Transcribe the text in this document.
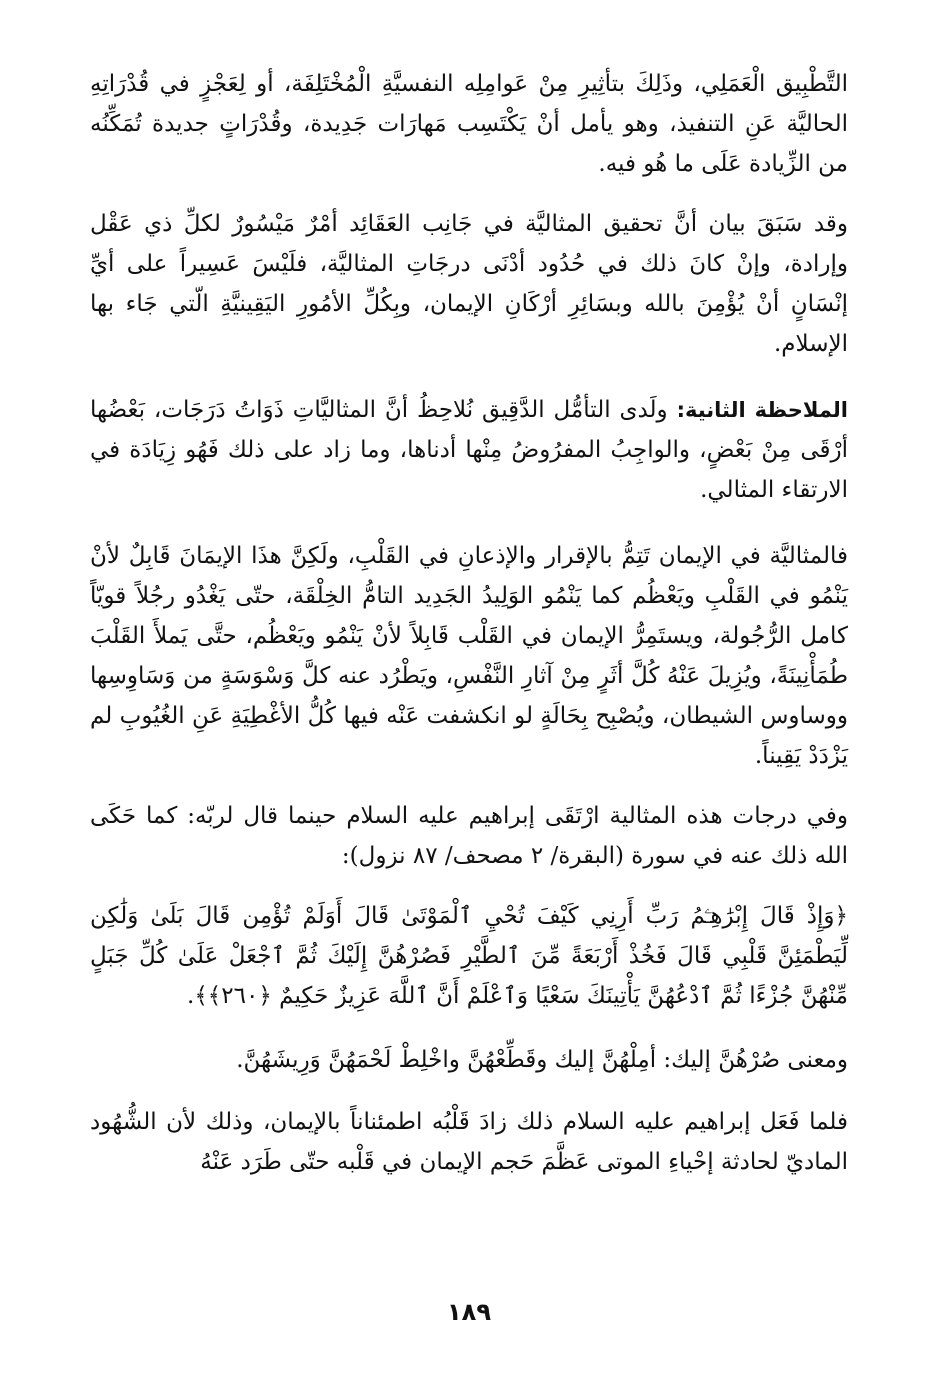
التَّطْبِيق الْعَمَلِي، وذَلِكَ بتأثِيرِ مِنْ عَوامِلِه النفسيَّةِ الْمُخْتَلِفَة، أو لِعَجْزٍ في قُدْرَاتِهِ الحاليَّة عَنِ التنفيذ، وهو يأمل أنْ يَكْتَسِب مَهارَات جَدِيدة، وقُدْرَاتٍ جديدة تُمَكِّنُه من الزِّيادة عَلَى ما هُو فيه.

وقد سَبَقَ بيان أنَّ تحقيق المثاليَّة في جَانِب العَقَائِد أمْرٌ مَيْسُورٌ لكلِّ ذي عَقْل وإرادة، وإنْ كانَ ذلك في حُدُود أدْنَى درجَاتِ المثاليَّة، فلَيْسَ عَسِيراً على أيِّ إنْسَانٍ أنْ يُؤْمِنَ بالله وبسَائِرِ أرْكَانِ الإيمان، وبِكُلِّ الأمُورِ اليَقِينيَّةِ الّتي جَاء بها الإسلام.

الملاحظة الثانية: ولَدى التأمُّل الدَّقِيق نُلاحِظُ أنَّ المثاليَّاتِ ذَوَاتُ دَرَجَات، بَعْضُها أرْقَى مِنْ بَعْضٍ، والواجِبُ المفرُوضُ مِنْها أدناها، وما زاد على ذلك فَهُو زِيَادَة في الارتقاء المثالي.

فالمثاليَّة في الإيمان تَتِمُّ بالإقرار والإذعانِ في القَلْبِ، ولَكِنَّ هذَا الإيمَانَ قَابِلٌ لأنْ يَنْمُو في القَلْبِ ويَعْظُم كما يَنْمُو الوَلِيدُ الجَدِيد التامُّ الخِلْقَة، حتّى يَغْدُو رجُلاً قويّاً كامل الرُّجُولة، ويستَمِرُّ الإيمان في القَلْب قَابِلاً لأنْ يَنْمُو ويَعْظُم، حتَّى يَملأَ القَلْبَ طُمَأْنِينَةً، ويُزِيلَ عَنْهُ كُلَّ أثَرٍ مِنْ آثارِ النَّفْسِ، ويَطْرُد عنه كلَّ وَسْوَسَةٍ من وَسَاوِسِها ووساوس الشيطان، ويُصْبِح بِحَالَةٍ لو انكشفت عَنْه فيها كُلُّ الأغْطِيَةِ عَنِ الغُيُوبِ لم يَزْدَدْ يَقِيناً.

وفي درجات هذه المثالية ارْتَقَى إبراهيم عليه السلام حينما قال لربّه: كما حَكَى الله ذلك عنه في سورة (البقرة/ ٢ مصحف/ ٨٧ نزول):

﴿وَإِذْ قَالَ إِبْرَٰهِـۧمُ رَبِّ أَرِنِي كَيْفَ تُحْيِ ٱلْمَوْتَىٰ قَالَ أَوَلَمْ تُؤْمِن قَالَ بَلَىٰ وَلَٰكِن لِّيَطْمَئِنَّ قَلْبِي قَالَ فَخُذْ أَرْبَعَةً مِّنَ ٱلطَّيْرِ فَصُرْهُنَّ إِلَيْكَ ثُمَّ ٱجْعَلْ عَلَىٰ كُلِّ جَبَلٍ مِّنْهُنَّ جُزْءًا ثُمَّ ٱدْعُهُنَّ يَأْتِينَكَ سَعْيًا وَٱعْلَمْ أَنَّ ٱللَّهَ عَزِيزٌ حَكِيمٌ ﴿٢٦٠﴾﴾.

ومعنى صُرْهُنَّ إليك: أمِلْهُنَّ إليك وقَطِّعْهُنَّ واخْلِطْ لَحْمَهُنَّ وَرِيشَهُنَّ.

فلما فَعَل إبراهيم عليه السلام ذلك زادَ قَلْبُه اطمئناناً بالإيمان، وذلك لأن الشُّهُود الماديّ لحادثة إحْياءِ الموتى عَظَّمَ حَجم الإيمان في قَلْبه حتّى طَرَد عَنْهُ

١٨٩
